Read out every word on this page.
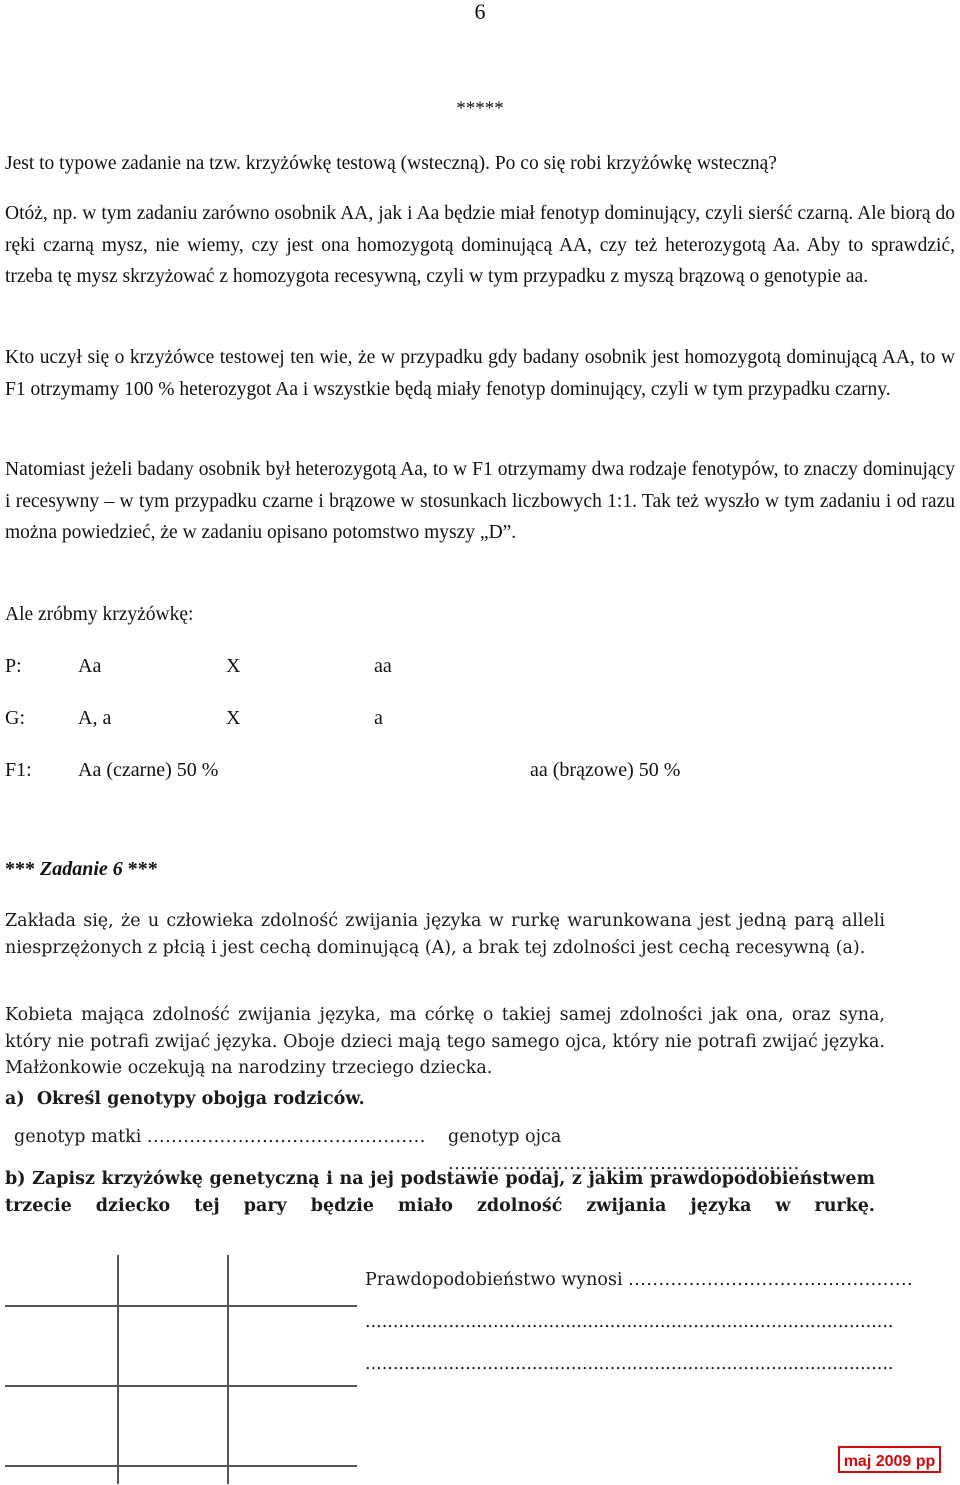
6
*****

Jest to typowe zadanie na tzw. krzyżówkę testową (wsteczną). Po co się robi krzyżówkę wsteczną?

Otóż, np. w tym zadaniu zarówno osobnik AA, jak i Aa będzie miał fenotyp dominujący, czyli sierść czarną. Ale biorą do ręki czarną mysz, nie wiemy, czy jest ona homozygotą dominującą AA, czy też heterozygotą Aa. Aby to sprawdzić, trzeba tę mysz skrzyżować z homozygota recesywną, czyli w tym przypadku z myszą brązową o genotypie aa.

Kto uczył się o krzyżówce testowej ten wie, że w przypadku gdy badany osobnik jest homozygotą dominującą AA, to w F1 otrzymamy 100 % heterozygot Aa i wszystkie będą miały fenotyp dominujący, czyli w tym przypadku czarny.

Natomiast jeżeli badany osobnik był heterozygotą Aa, to w F1 otrzymamy dwa rodzaje fenotypów, to znaczy dominujący i recesywny – w tym przypadku czarne i brązowe w stosunkach liczbowych 1:1. Tak też wyszło w tym zadaniu i od razu można powiedzieć, że w zadaniu opisano potomstwo myszy „D”.

Ale zróbmy krzyżówkę:

P:	Aa	X	aa
G:	A, a	X	a
F1: Aa (czarne) 50 %	aa (brązowe) 50 %
*** Zadanie 6 ***

Zakłada się, że u człowieka zdolność zwijania języka w rurkę warunkowana jest jedną parą alleli niesprzężonych z płcią i jest cechą dominującą (A), a brak tej zdolności jest cechą recesywną (a).

Kobieta mająca zdolność zwijania języka, ma córkę o takiej samej zdolności jak ona, oraz syna, który nie potrafi zwijać języka. Oboje dzieci mają tego samego ojca, który nie potrafi zwijać języka. Małżonkowie oczekują na narodziny trzeciego dziecka.

a) Określ genotypy obojga rodziców.
genotyp matki .............................................. genotyp ojca ..........................................................
b) Zapisz krzyżówkę genetyczną i na jej podstawie podaj, z jakim prawdopodobieństwem trzecie dziecko tej pary będzie miało zdolność zwijania języka w rurkę.
Prawdopodobieństwo wynosi ...............................................
...............................................................................................
...............................................................................................
maj 2009 pp
